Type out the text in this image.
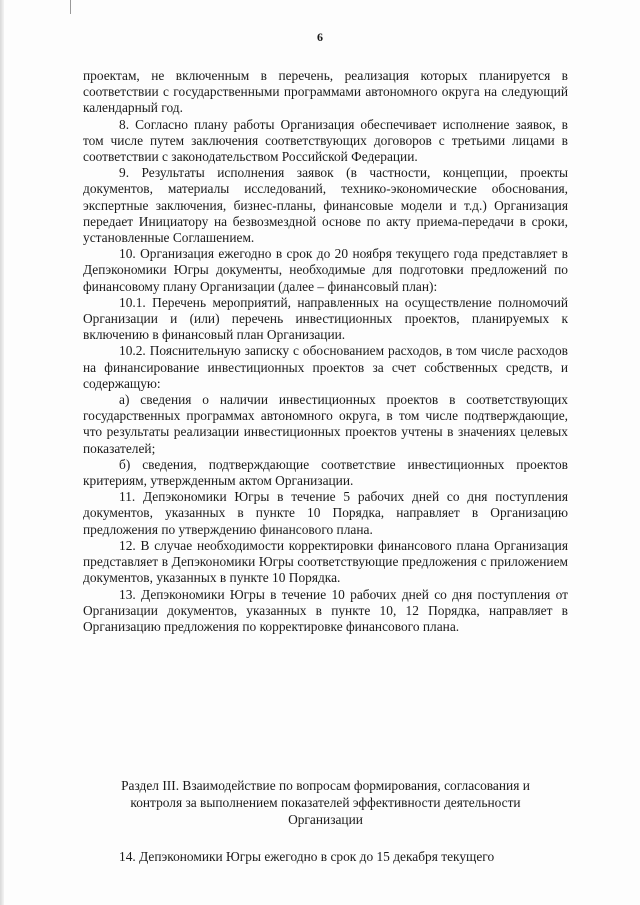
6

проектам, не включенным в перечень, реализация которых планируется в соответствии с государственными программами автономного округа на следующий календарный год.

8. Согласно плану работы Организация обеспечивает исполнение заявок, в том числе путем заключения соответствующих договоров с третьими лицами в соответствии с законодательством Российской Федерации.

9. Результаты исполнения заявок (в частности, концепции, проекты документов, материалы исследований, технико-экономические обоснования, экспертные заключения, бизнес-планы, финансовые модели и т.д.) Организация передает Инициатору на безвозмездной основе по акту приема-передачи в сроки, установленные Соглашением.

10. Организация ежегодно в срок до 20 ноября текущего года представляет в Депэкономики Югры документы, необходимые для подготовки предложений по финансовому плану Организации (далее – финансовый план):

10.1. Перечень мероприятий, направленных на осуществление полномочий Организации и (или) перечень инвестиционных проектов, планируемых к включению в финансовый план Организации.

10.2. Пояснительную записку с обоснованием расходов, в том числе расходов на финансирование инвестиционных проектов за счет собственных средств, и содержащую:

а) сведения о наличии инвестиционных проектов в соответствующих государственных программах автономного округа, в том числе подтверждающие, что результаты реализации инвестиционных проектов учтены в значениях целевых показателей;

б) сведения, подтверждающие соответствие инвестиционных проектов критериям, утвержденным актом Организации.

11. Депэкономики Югры в течение 5 рабочих дней со дня поступления документов, указанных в пункте 10 Порядка, направляет в Организацию предложения по утверждению финансового плана.

12. В случае необходимости корректировки финансового плана Организация представляет в Депэкономики Югры соответствующие предложения с приложением документов, указанных в пункте 10 Порядка.

13. Депэкономики Югры в течение 10 рабочих дней со дня поступления от Организации документов, указанных в пункте 10, 12 Порядка, направляет в Организацию предложения по корректировке финансового плана.

Раздел III. Взаимодействие по вопросам формирования, согласования и

контроля за выполнением показателей эффективности деятельности

Организации

14. Депэкономики Югры ежегодно в срок до 15 декабря текущего
